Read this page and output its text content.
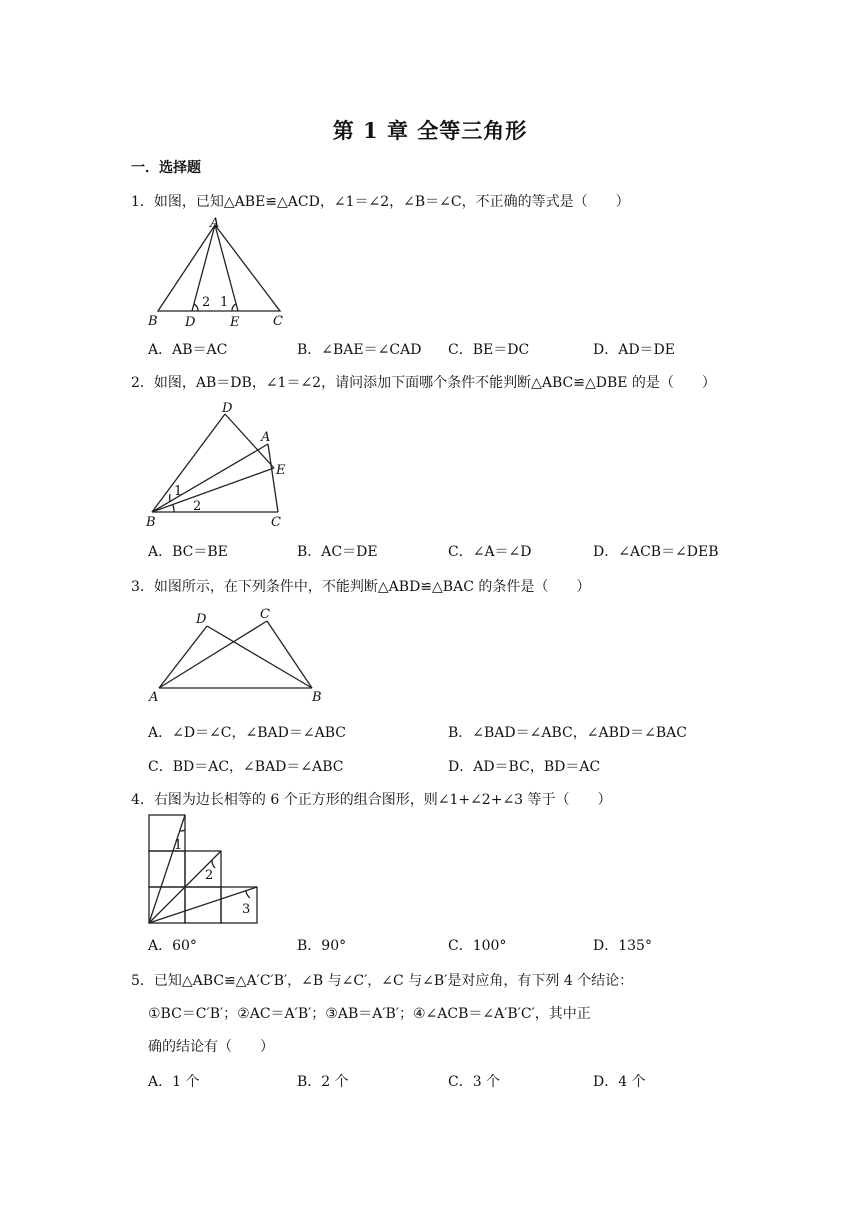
第 1 章 全等三角形
一．选择题
1．如图，已知△ABE≌△ACD，∠1＝∠2，∠B＝∠C，不正确的等式是（　　）
A
B D	E	C
2 1
A．AB＝AC	B．∠BAE＝∠CAD C．BE＝DC	D．AD＝DE
2．如图，AB＝DB，∠1＝∠2，请问添加下面哪个条件不能判断△ABC≌△DBE 的是（　　）
D
A
E
B	C
1
2
A．BC＝BE	B．AC＝DE	C．∠A＝∠D	D．∠ACB＝∠DEB
3．如图所示，在下列条件中，不能判断△ABD≌△BAC 的条件是（　　）
D	C
A	B
A．∠D＝∠C，∠BAD＝∠ABC	B．∠BAD＝∠ABC，∠ABD＝∠BAC
C．BD＝AC，∠BAD＝∠ABC	D．AD＝BC，BD＝AC
4．右图为边长相等的 6 个正方形的组合图形，则∠1+∠2+∠3 等于（　　）
1
2
3
A．60°	B．90°	C．100°	D．135°
5．已知△ABC≌△A′C′B′，∠B 与∠C′，∠C 与∠B′是对应角，有下列 4 个结论：
①BC＝C′B′；②AC＝A′B′；③AB＝A′B′；④∠ACB＝∠A′B′C′，其中正
确的结论有（　　）
A．1 个	B．2 个	C．3 个	D．4 个
